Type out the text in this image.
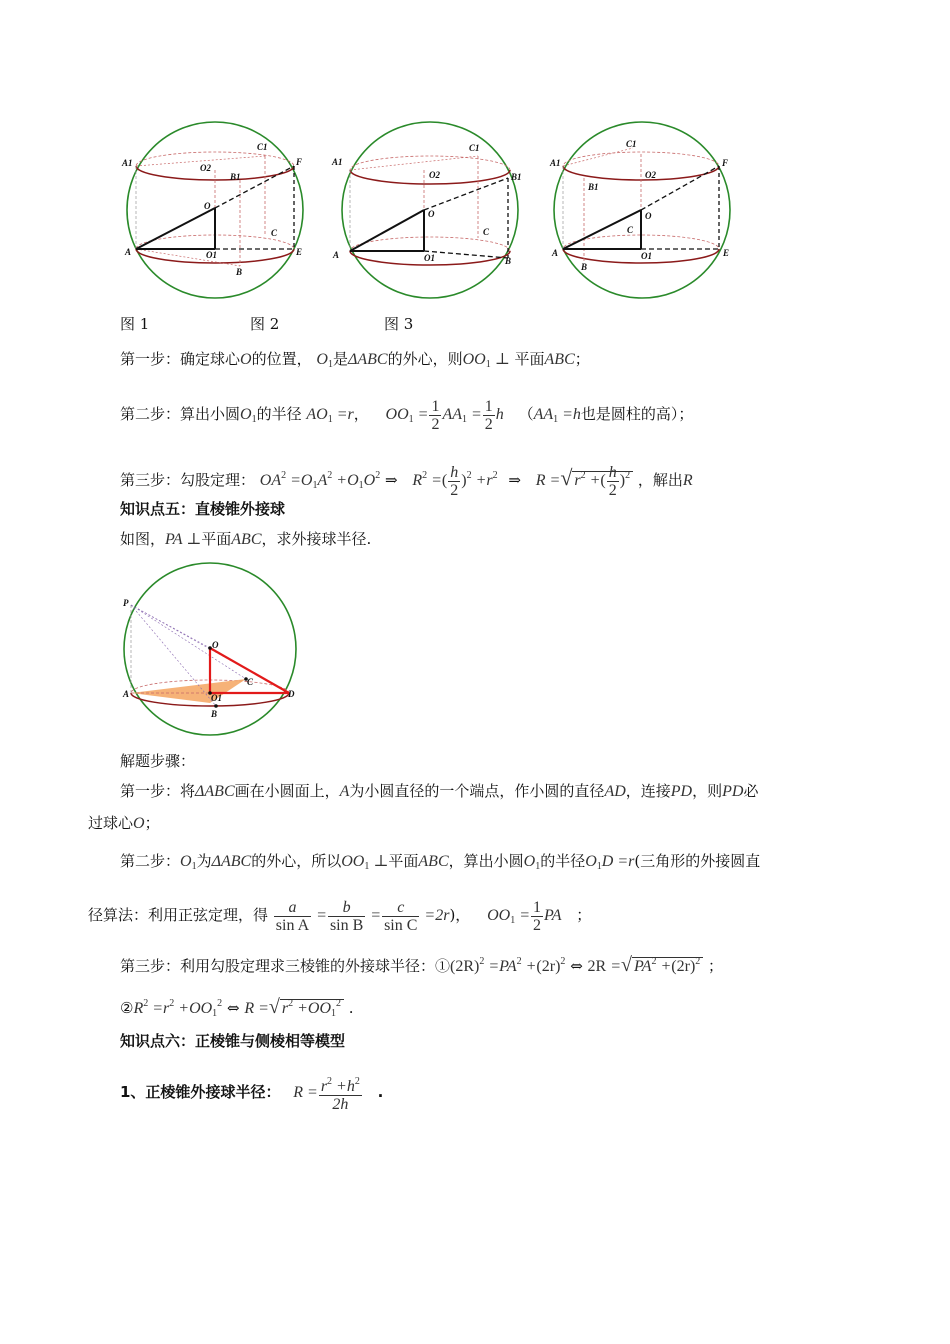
A1
C1
F
O2
B1
O
C
A	O1	E
B
A1
C1
O2	B1
O
C
A	O1	B
A1
C1
F
O2
B1
O
C
A
B
O1	E
图 1	图 2	图 3
第一步：确定球心O的位置， $O_1$是ΔABC的外心，则$OO_1$ ⊥ 平面ABC；
第二步：算出小圆$O_1$的半径 $AO_1 =r$， $OO_1 = \frac{1}{2} AA_1 = \frac{1}{2}$ h （$AA_1 =h$也是圆柱的高）；
第三步：勾股定理： $OA^2 =O_1A^2 +O_1O^2$ ⇒ $R^2$ =( $\frac{h}{2} )^2 +r^2$ ⇒ R =√ $r^2$ +( $\frac{h}{2} )^2$ ，解出R
知识点五：直棱锥外接球
如图，PA ⊥平面ABC，求外接球半径.
P
O
C
A	O1	D
B
解题步骤：
第一步：将ΔABC画在小圆面上，A为小圆直径的一个端点，作小圆的直径AD，连接PD，则PD必
过球心O；
第二步：$O_1$为ΔABC的外心，所以$OO_1$ ⊥平面ABC，算出小圆$O_1$的半径$O_1D =r$(三角形的外接圆直
径算法：利用正弦定理，得 $\frac{a}{\text{sin A}} = \frac{b}{\text{sin B}} = \frac{c}{\text{sin C}} =2r$)， $OO_1 = \frac{1}{2}$ PA ；
第三步：利用勾股定理求三棱锥的外接球半径：$①(2R)^2 =PA^2 +(2r)^2$ ⇔ 2R =√ $PA^2 +(2r)^2$ ；
$②R^2 =r^2 +OO_1^2$ ⇔ R =√ $r^2 +OO_1^2$ .
知识点六：正棱锥与侧棱相等模型
1、正棱锥外接球半径： $R = \frac{r^2 +h^2}{2h}$ .
